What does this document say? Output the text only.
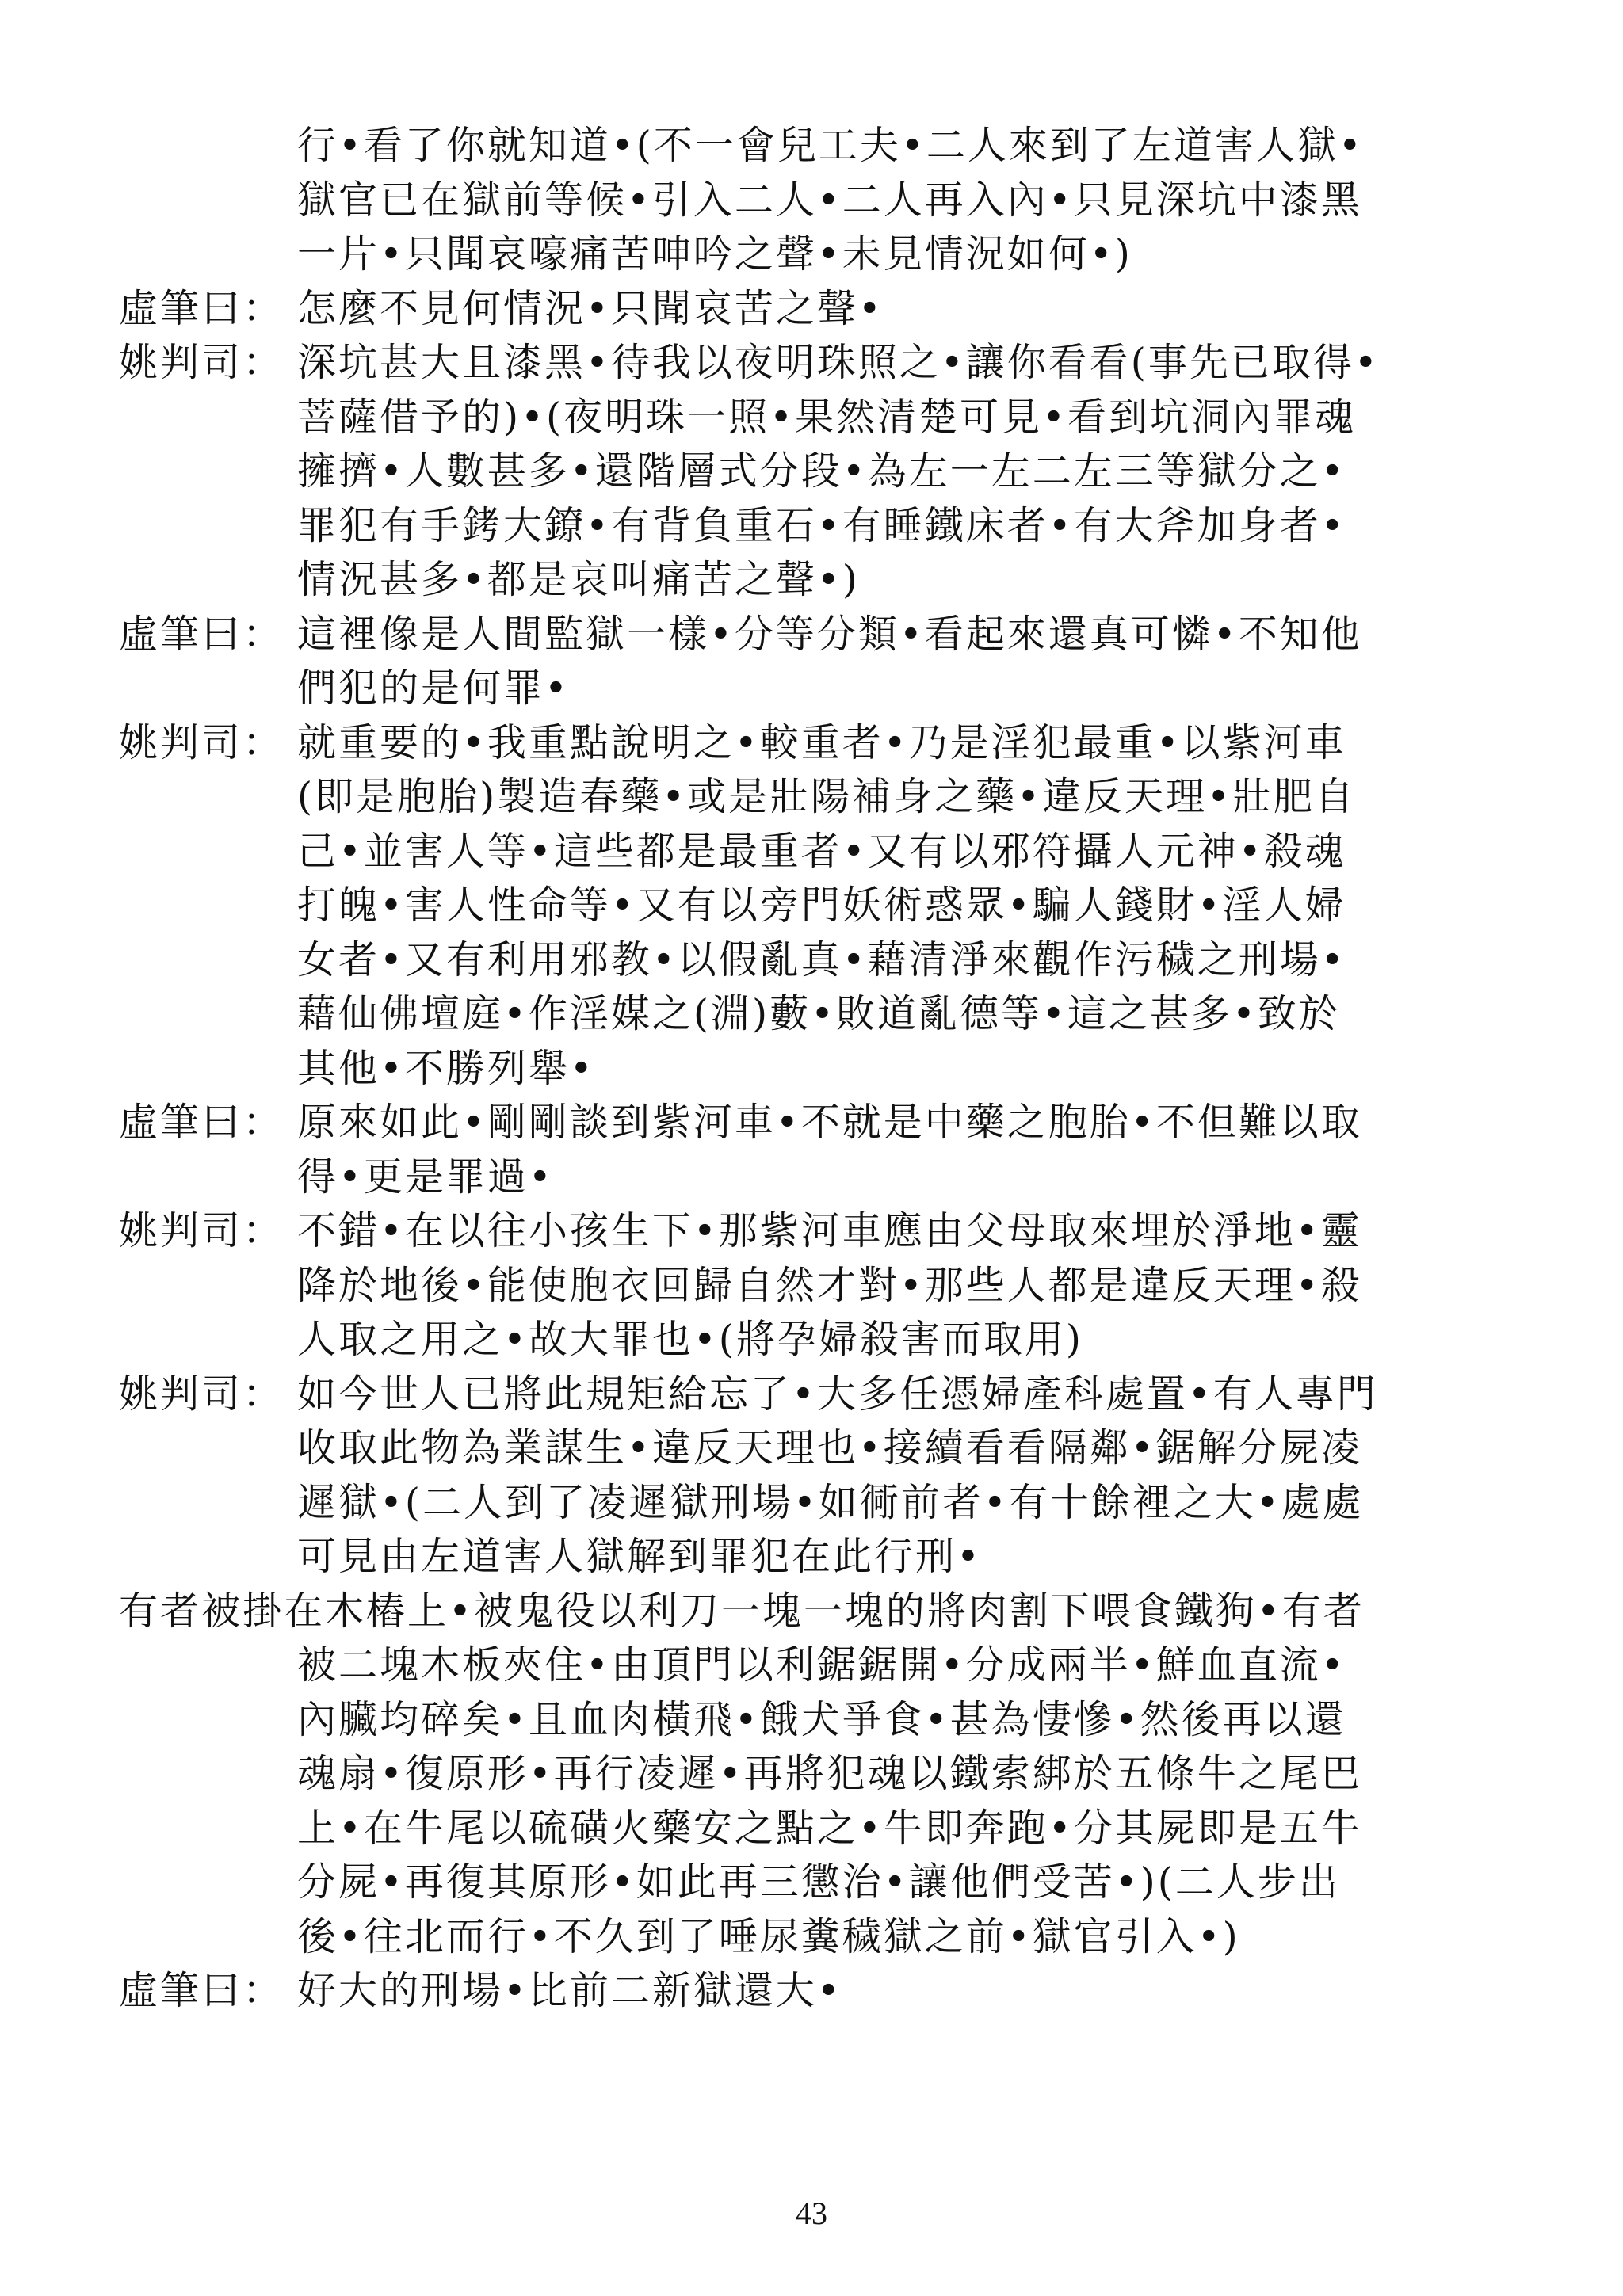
行•看了你就知道•(不一會兒工夫•二人來到了左道害人獄•
獄官已在獄前等候•引入二人•二人再入內•只見深坑中漆黑
一片•只聞哀嚎痛苦呻吟之聲•未見情況如何•)
虛筆曰： 怎麼不見何情況•只聞哀苦之聲•
姚判司： 深坑甚大且漆黑•待我以夜明珠照之•讓你看看(事先已取得•
菩薩借予的)•(夜明珠一照•果然清楚可見•看到坑洞內罪魂
擁擠•人數甚多•還階層式分段•為左一左二左三等獄分之•
罪犯有手銬大鐐•有背負重石•有睡鐵床者•有大斧加身者•
情況甚多•都是哀叫痛苦之聲•)
虛筆曰： 這裡像是人間監獄一樣•分等分類•看起來還真可憐•不知他
們犯的是何罪•
姚判司： 就重要的•我重點說明之•較重者•乃是淫犯最重•以紫河車
(即是胞胎)製造春藥•或是壯陽補身之藥•違反天理•壯肥自
己•並害人等•這些都是最重者•又有以邪符攝人元神•殺魂
打魄•害人性命等•又有以旁門妖術惑眾•騙人錢財•淫人婦
女者•又有利用邪教•以假亂真•藉清淨來觀作污穢之刑場•
藉仙佛壇庭•作淫媒之(淵)藪•敗道亂德等•這之甚多•致於
其他•不勝列舉•
虛筆曰： 原來如此•剛剛談到紫河車•不就是中藥之胞胎•不但難以取
得•更是罪過•
姚判司： 不錯•在以往小孩生下•那紫河車應由父母取來埋於淨地•靈
降於地後•能使胞衣回歸自然才對•那些人都是違反天理•殺
人取之用之•故大罪也•(將孕婦殺害而取用)
姚判司： 如今世人已將此規矩給忘了•大多任憑婦產科處置•有人專門
收取此物為業謀生•違反天理也•接續看看隔鄰•鋸解分屍凌
遲獄•(二人到了凌遲獄刑場•如衕前者•有十餘裡之大•處處
可見由左道害人獄解到罪犯在此行刑•
有者被掛在木樁上•被鬼役以利刀一塊一塊的將肉割下喂食鐵狗•有者
被二塊木板夾住•由頂門以利鋸鋸開•分成兩半•鮮血直流•
內臟均碎矣•且血肉橫飛•餓犬爭食•甚為悽慘•然後再以還
魂扇•復原形•再行凌遲•再將犯魂以鐵索綁於五條牛之尾巴
上•在牛尾以硫磺火藥安之點之•牛即奔跑•分其屍即是五牛
分屍•再復其原形•如此再三懲治•讓他們受苦•)(二人步出
後•往北而行•不久到了唾尿糞穢獄之前•獄官引入•)
虛筆曰： 好大的刑場•比前二新獄還大•
43
